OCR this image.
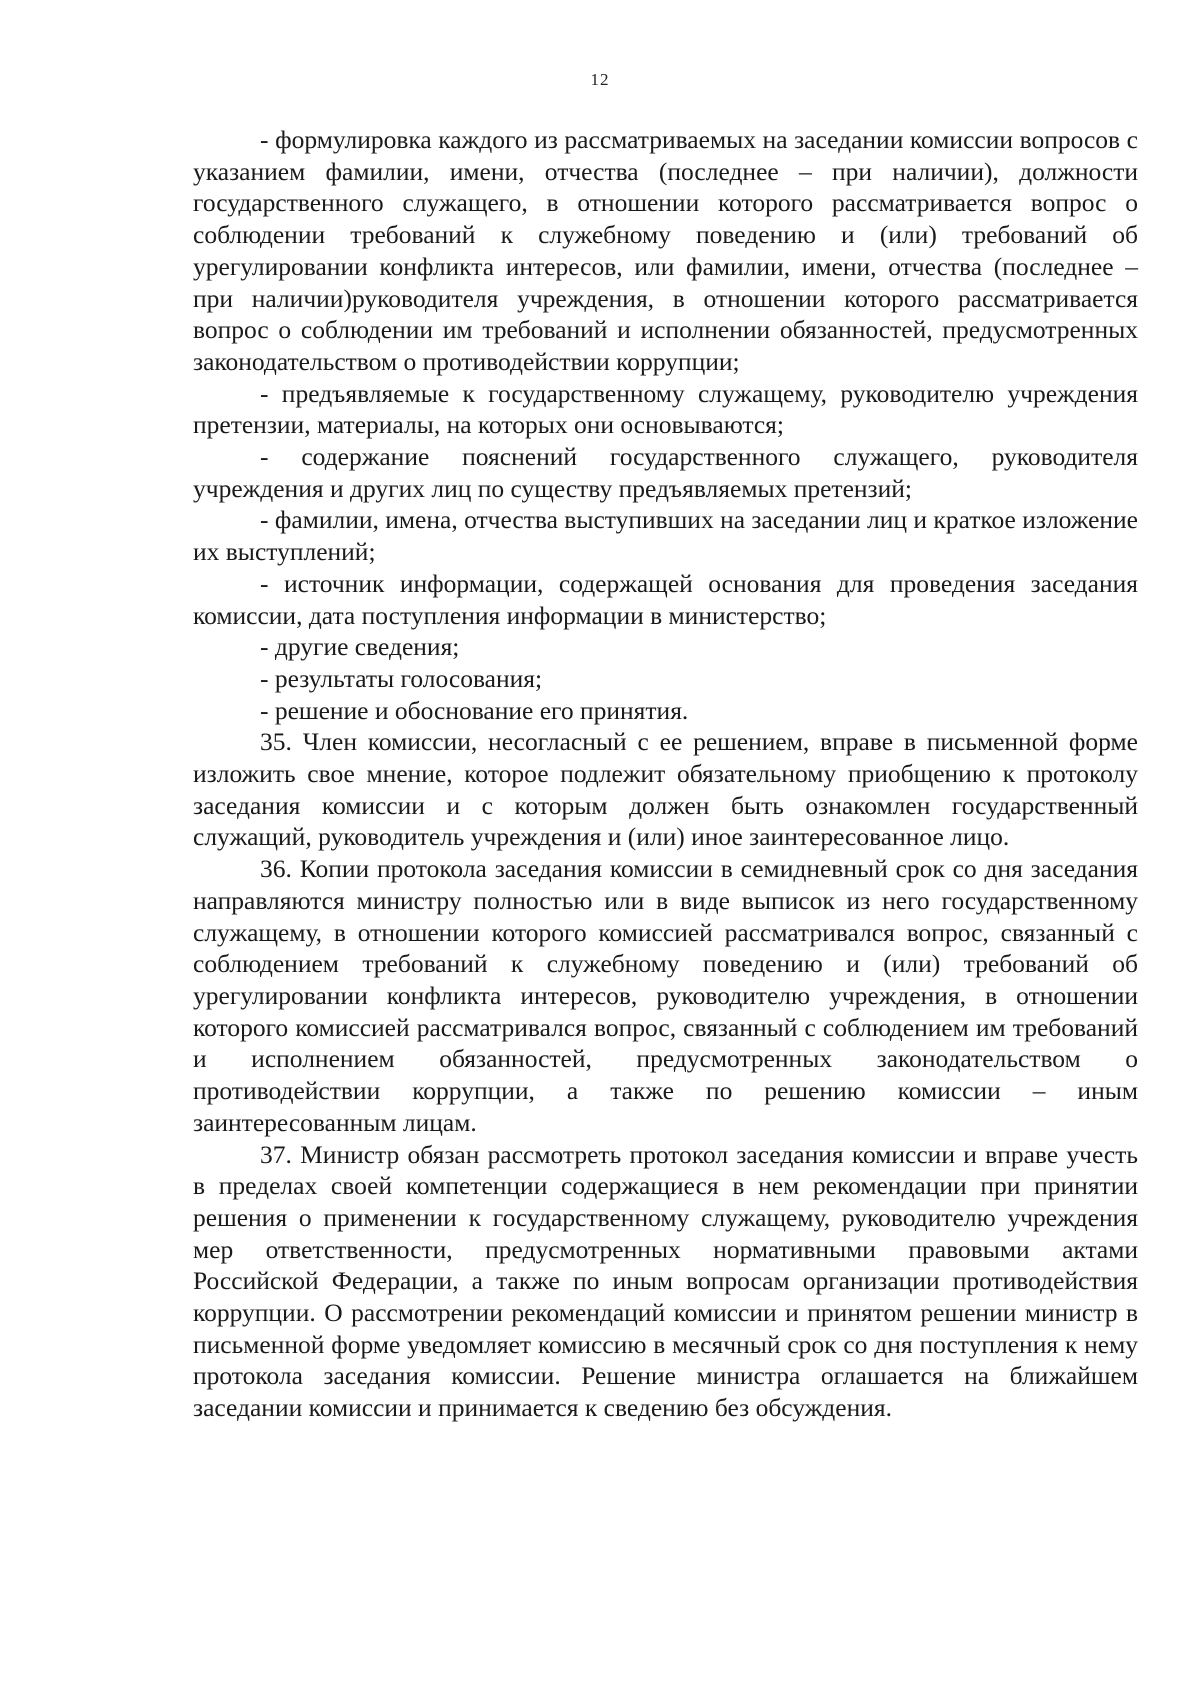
12

- формулировка каждого из рассматриваемых на заседании комиссии вопросов с указанием фамилии, имени, отчества (последнее – при наличии), должности государственного служащего, в отношении которого рассматривается вопрос о соблюдении требований к служебному поведению и (или) требований об урегулировании конфликта интересов, или фамилии, имени, отчества (последнее – при наличии)руководителя учреждения, в отношении которого рассматривается вопрос о соблюдении им требований и исполнении обязанностей, предусмотренных законодательством о противодействии коррупции;

- предъявляемые к государственному служащему, руководителю учреждения претензии, материалы, на которых они основываются;

- содержание пояснений государственного служащего, руководителя учреждения и других лиц по существу предъявляемых претензий;

- фамилии, имена, отчества выступивших на заседании лиц и краткое изложение их выступлений;

- источник информации, содержащей основания для проведения заседания комиссии, дата поступления информации в министерство;

- другие сведения;

- результаты голосования;

- решение и обоснование его принятия.

35. Член комиссии, несогласный с ее решением, вправе в письменной форме изложить свое мнение, которое подлежит обязательному приобщению к протоколу заседания комиссии и с которым должен быть ознакомлен государственный служащий, руководитель учреждения и (или) иное заинтересованное лицо.

36. Копии протокола заседания комиссии в семидневный срок со дня заседания направляются министру полностью или в виде выписок из него государственному служащему, в отношении которого комиссией рассматривался вопрос, связанный с соблюдением требований к служебному поведению и (или) требований об урегулировании конфликта интересов, руководителю учреждения, в отношении которого комиссией рассматривался вопрос, связанный с соблюдением им требований и исполнением обязанностей, предусмотренных законодательством о противодействии коррупции, а также по решению комиссии – иным заинтересованным лицам.

37. Министр обязан рассмотреть протокол заседания комиссии и вправе учесть в пределах своей компетенции содержащиеся в нем рекомендации при принятии решения о применении к государственному служащему, руководителю учреждения мер ответственности, предусмотренных нормативными правовыми актами Российской Федерации, а также по иным вопросам организации противодействия коррупции. О рассмотрении рекомендаций комиссии и принятом решении министр в письменной форме уведомляет комиссию в месячный срок со дня поступления к нему протокола заседания комиссии. Решение министра оглашается на ближайшем заседании комиссии и принимается к сведению без обсуждения.
